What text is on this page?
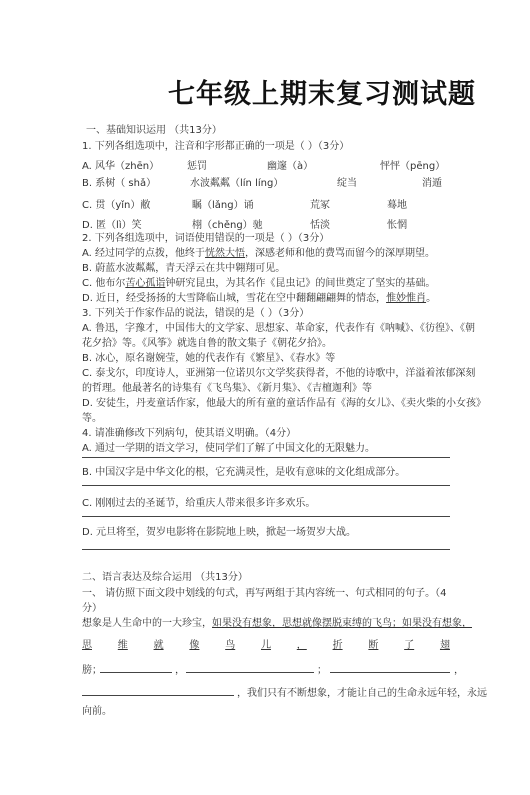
七年级上期末复习测试题
一、基础知识运用 （共13分）
1. 下列各组选项中，注音和字形都正确的一项是（ ）（3分）
A. 风华（zhēn）	惩罚	幽邃（à）	怦怦（pēng）
B. 系树（ shǎ）	水波粼粼（lín líng）	绽当	消遁
C. 贯（yǐn）敝	瞩（lǎng）诵	荒冢	蓦地
D. 匿（lì）笑	栩（chěng）驰	恬淡	怅惘
2. 下列各组选项中，词语使用错误的一项是（ ）（3分）
A. 经过同学的点拨，他终于恍然大悟，深感老师和他的费骂而留今的深厚期望。
B. 蔚蓝水波粼粼，青天浮云在共中翱翔可见。
C. 他布尔苦心孤诣钟研究昆虫，为其名作《昆虫记》的间世奠定了坚实的基础。
D. 近日，经受扬扬的大雪降临山城，雪花在空中翻翻翩翩舞的情态，惟妙惟肖。
3. 下列关于作家作品的说法，错误的是（ ）（3分）
A. 鲁迅，字豫才，中国伟大的文学家、思想家、革命家，代表作有《呐喊》、《彷徨》、《朝
花夕拾》等。《风筝》就选自鲁的散文集子《朝花夕拾》。
B. 冰心，原名谢婉莹，她的代表作有《繁星》、《春水》等
C. 泰戈尔，印度诗人，亚洲第一位诺贝尔文学奖获得者，不他的诗歌中，洋溢着浓郁深刻
的哲理。他最著名的诗集有《飞鸟集》、《新月集》、《吉檀迦利》等
D. 安徒生，丹麦童话作家，他最大的所有童的童话作品有《海的女儿》、《卖火柴的小女孩》
等。
4. 请准确修改下列病句，使其语义明确。（4分）
A. 通过一学期的语文学习，使同学们了解了中国文化的无限魅力。
B. 中国汉字是中华文化的根，它充满灵性，是收有意味的文化组成部分。
C. 刚刚过去的圣诞节，给重庆人带来很多许多欢乐。
D. 元旦将至，贺岁电影将在影院地上映，掀起一场贺岁大战。
二、语言表达及综合运用 （共13分）
一、 请仿照下面文段中划线的句式，再写两组于其内容统一、句式相同的句子。（4
分）
想象是人生命中的一大珍宝，如果没有想象，思想就像摆脱束缚的飞鸟；如果没有想象，
思	维	就	像	鸟	儿	，	折	断	了	翅
膀；	，	；	，
，我们只有不断想象，才能让自己的生命永远年轻，永远
向前。
